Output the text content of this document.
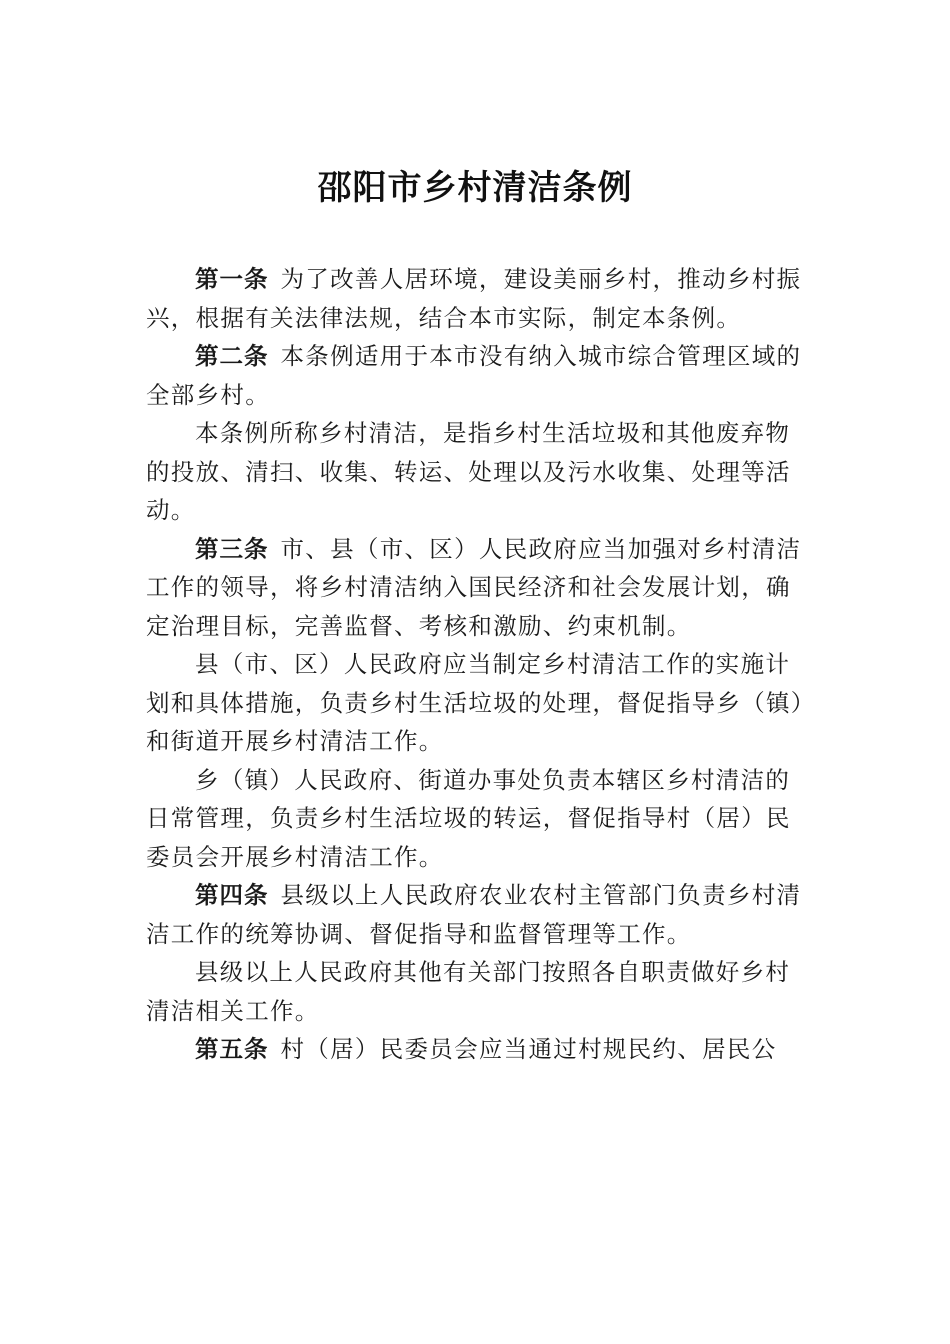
邵阳市乡村清洁条例

第一条 为了改善人居环境，建设美丽乡村，推动乡村振兴，根据有关法律法规，结合本市实际，制定本条例。

第二条 本条例适用于本市没有纳入城市综合管理区域的全部乡村。

本条例所称乡村清洁，是指乡村生活垃圾和其他废弃物的投放、清扫、收集、转运、处理以及污水收集、处理等活动。

第三条 市、县（市、区）人民政府应当加强对乡村清洁工作的领导，将乡村清洁纳入国民经济和社会发展计划，确定治理目标，完善监督、考核和激励、约束机制。

县（市、区）人民政府应当制定乡村清洁工作的实施计划和具体措施，负责乡村生活垃圾的处理，督促指导乡（镇）和街道开展乡村清洁工作。

乡（镇）人民政府、街道办事处负责本辖区乡村清洁的日常管理，负责乡村生活垃圾的转运，督促指导村（居）民委员会开展乡村清洁工作。

第四条 县级以上人民政府农业农村主管部门负责乡村清洁工作的统筹协调、督促指导和监督管理等工作。

县级以上人民政府其他有关部门按照各自职责做好乡村清洁相关工作。

第五条 村（居）民委员会应当通过村规民约、居民公
